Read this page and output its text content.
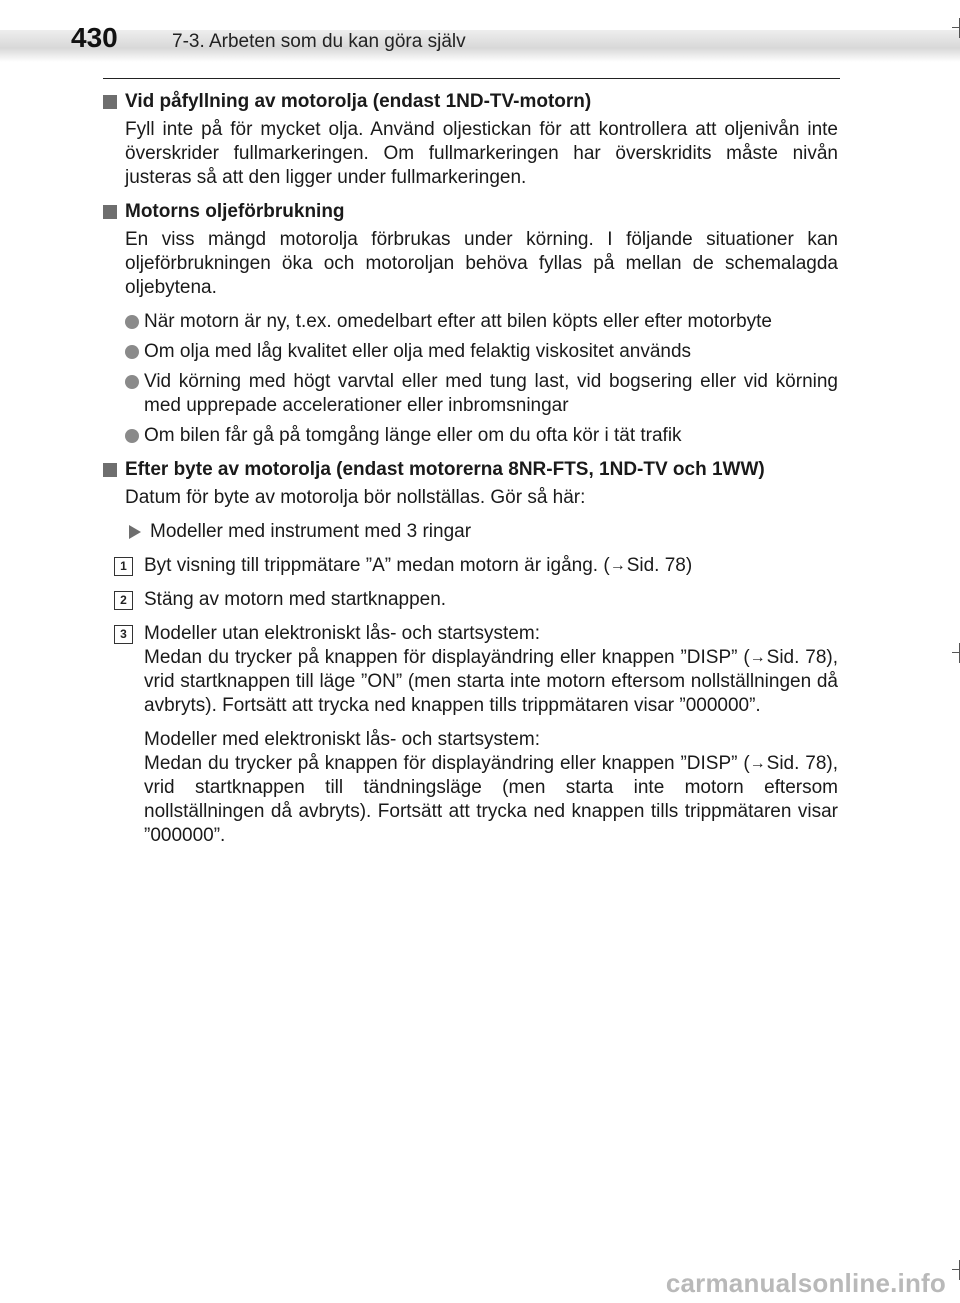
430	7-3. Arbeten som du kan göra själv
Vid påfyllning av motorolja (endast 1ND-TV-motorn)
Fyll inte på för mycket olja. Använd oljestickan för att kontrollera att oljenivån inte överskrider fullmarkeringen. Om fullmarkeringen har överskridits måste nivån justeras så att den ligger under fullmarkeringen.
Motorns oljeförbrukning
En viss mängd motorolja förbrukas under körning. I följande situationer kan oljeförbrukningen öka och motoroljan behöva fyllas på mellan de schemalagda oljebytena.
När motorn är ny, t.ex. omedelbart efter att bilen köpts eller efter motorbyte
Om olja med låg kvalitet eller olja med felaktig viskositet används
Vid körning med högt varvtal eller med tung last, vid bogsering eller vid körning med upprepade accelerationer eller inbromsningar
Om bilen får gå på tomgång länge eller om du ofta kör i tät trafik
Efter byte av motorolja (endast motorerna 8NR-FTS, 1ND-TV och 1WW)
Datum för byte av motorolja bör nollställas. Gör så här:
Modeller med instrument med 3 ringar
1 Byt visning till trippmätare ”A” medan motorn är igång. (→Sid. 78)
2 Stäng av motorn med startknappen.
3 Modeller utan elektroniskt lås- och startsystem:
Medan du trycker på knappen för displayändring eller knappen ”DISP” (→Sid. 78), vrid startknappen till läge ”ON” (men starta inte motorn eftersom nollställningen då avbryts). Fortsätt att trycka ned knappen tills trippmätaren visar ”000000”.
Modeller med elektroniskt lås- och startsystem:
Medan du trycker på knappen för displayändring eller knappen ”DISP” (→Sid. 78), vrid startknappen till tändningsläge (men starta inte motorn eftersom nollställningen då avbryts). Fortsätt att trycka ned knappen tills trippmätaren visar ”000000”.
carmanualsonline.info
